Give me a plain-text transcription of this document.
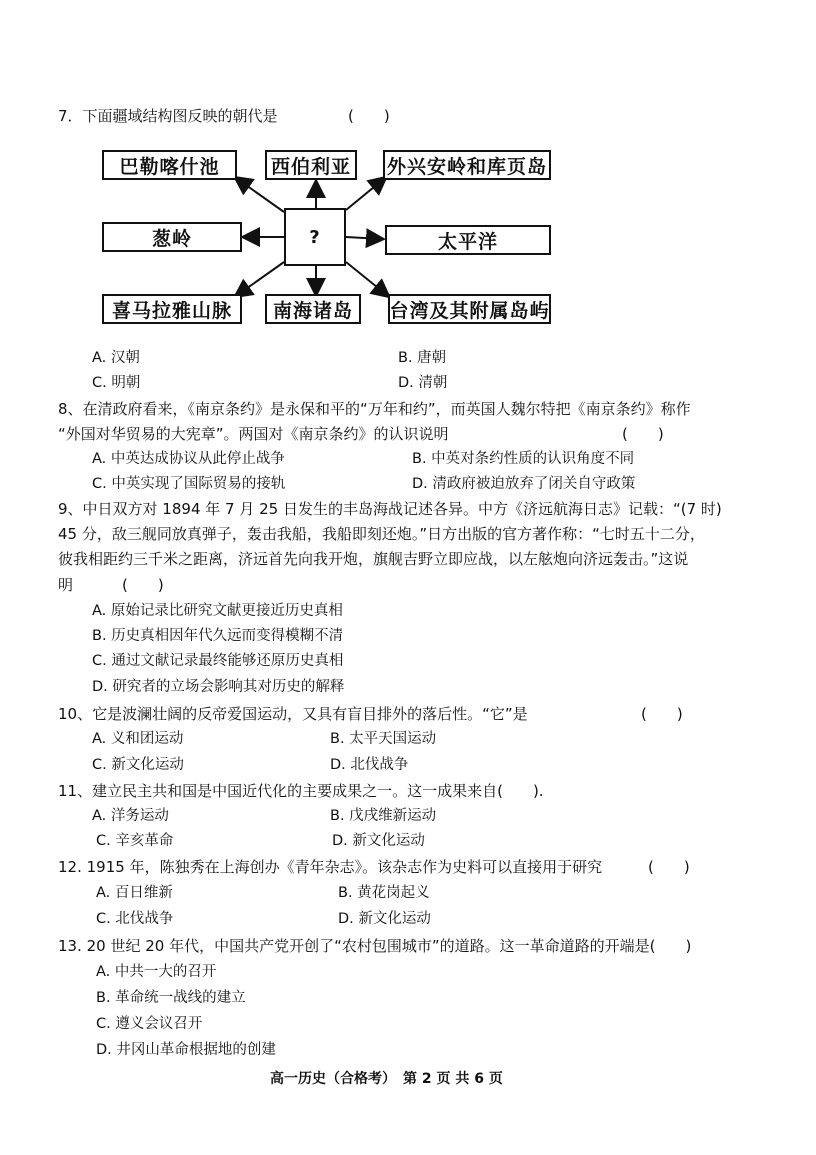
7．下面疆域结构图反映的朝代是	(　　)
巴勒喀什池	西伯利亚	外兴安岭和库页岛
葱岭	?	太平洋
喜马拉雅山脉	南海诸岛	台湾及其附属岛屿
A. 汉朝	B. 唐朝
C. 明朝	D. 清朝
8、在清政府看来，《南京条约》是永保和平的“万年和约”，而英国人魏尔特把《南京条约》称作
“外国对华贸易的大宪章”。两国对《南京条约》的认识说明	(　　)
A. 中英达成协议从此停止战争	B. 中英对条约性质的认识角度不同
C. 中英实现了国际贸易的接轨	D. 清政府被迫放弃了闭关自守政策
9、中日双方对 1894 年 7 月 25 日发生的丰岛海战记述各异。中方《济远航海日志》记载：“(7 时)
45 分，敌三舰同放真弹子，轰击我船，我船即刻还炮。”日方出版的官方著作称：“七时五十二分，
彼我相距约三千米之距离，济远首先向我开炮，旗舰吉野立即应战，以左舷炮向济远轰击。”这说
明	(　　)
A. 原始记录比研究文献更接近历史真相
B. 历史真相因年代久远而变得模糊不清
C. 通过文献记录最终能够还原历史真相
D. 研究者的立场会影响其对历史的解释
10、它是波澜壮阔的反帝爱国运动，又具有盲目排外的落后性。“它”是	(　　)
A. 义和团运动	B. 太平天国运动
C. 新文化运动	D. 北伐战争
11、建立民主共和国是中国近代化的主要成果之一。这一成果来自(　　).
A. 洋务运动	B. 戊戌维新运动
C. 辛亥革命	D. 新文化运动
12. 1915 年，陈独秀在上海创办《青年杂志》。该杂志作为史料可以直接用于研究	(　　)
A. 百日维新	B. 黄花岗起义
C. 北伐战争	D. 新文化运动
13. 20 世纪 20 年代，中国共产党开创了“农村包围城市”的道路。这一革命道路的开端是(　　)
A. 中共一大的召开
B. 革命统一战线的建立
C. 遵义会议召开
D. 井冈山革命根据地的创建
高一历史（合格考）　第 2 页 共 6 页
